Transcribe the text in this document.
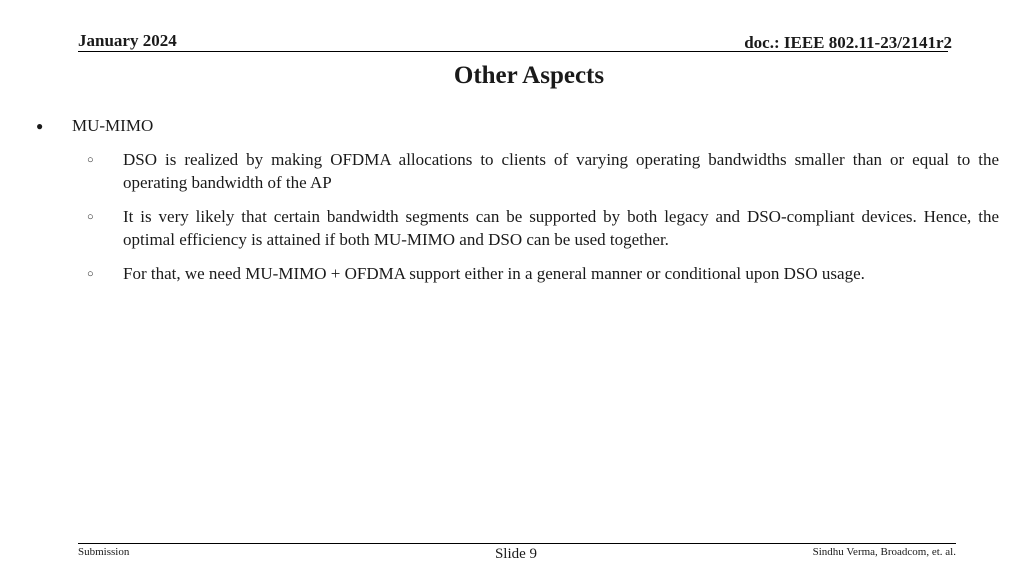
January 2024	doc.: IEEE 802.11-23/2141r2
Other Aspects
● MU-MIMO
○ DSO is realized by making OFDMA allocations to clients of varying operating bandwidths smaller than or equal to the operating bandwidth of the AP
○ It is very likely that certain bandwidth segments can be supported by both legacy and DSO-compliant devices. Hence, the optimal efficiency is attained if both MU-MIMO and DSO can be used together.
○ For that, we need MU-MIMO + OFDMA support either in a general manner or conditional upon DSO usage.
Submission	Slide 9	Sindhu Verma, Broadcom, et. al.
